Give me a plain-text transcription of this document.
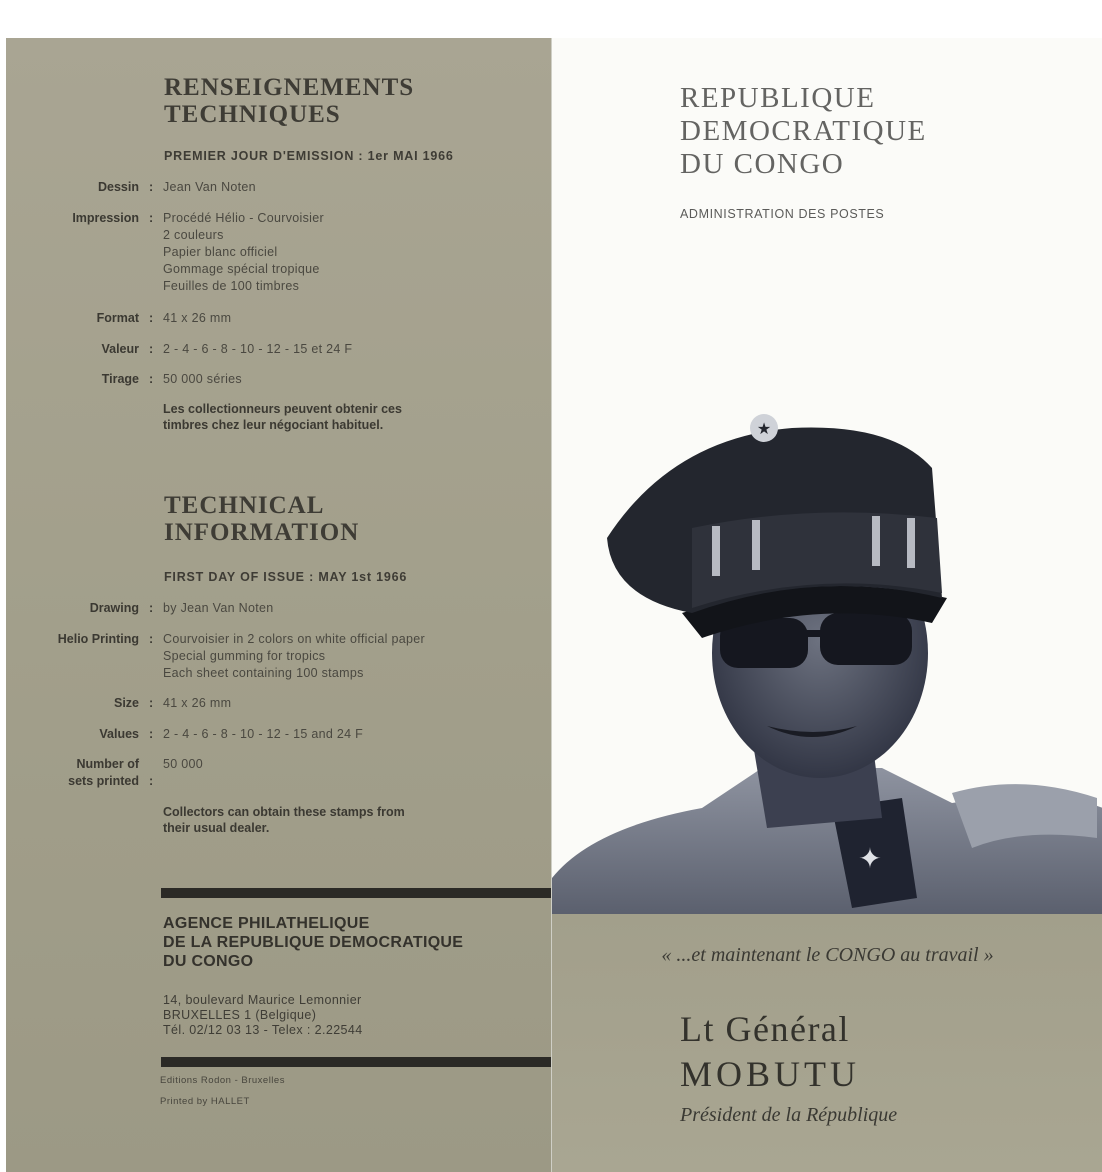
RENSEIGNEMENTS
TECHNIQUES
PREMIER JOUR D'EMISSION : 1er MAI 1966
Dessin : Jean Van Noten
Impression : Procédé Hélio - Courvoisier
2 couleurs
Papier blanc officiel
Gommage spécial tropique
Feuilles de 100 timbres
Format : 41 x 26 mm
Valeur : 2 - 4 - 6 - 8 - 10 - 12 - 15 et 24 F
Tirage : 50 000 séries
Les collectionneurs peuvent obtenir ces
timbres chez leur négociant habituel.
TECHNICAL
INFORMATION
FIRST DAY OF ISSUE : MAY 1st 1966
Drawing : by Jean Van Noten
Helio Printing : Courvoisier in 2 colors on white official paper
Special gumming for tropics
Each sheet containing 100 stamps
Size : 41 x 26 mm
Values : 2 - 4 - 6 - 8 - 10 - 12 - 15 and 24 F
Number of
sets printed :
50 000
Collectors can obtain these stamps from
their usual dealer.
AGENCE PHILATHELIQUE
DE LA REPUBLIQUE DEMOCRATIQUE
DU CONGO
14, boulevard Maurice Lemonnier
BRUXELLES 1 (Belgique)
Tél. 02/12 03 13 - Telex : 2.22544
Editions Rodon - Bruxelles
Printed by HALLET
REPUBLIQUE
DEMOCRATIQUE
DU CONGO
ADMINISTRATION DES POSTES
✦
★
« ...et maintenant le CONGO au travail »
Lt Général
MOBUTU
Président de la République
